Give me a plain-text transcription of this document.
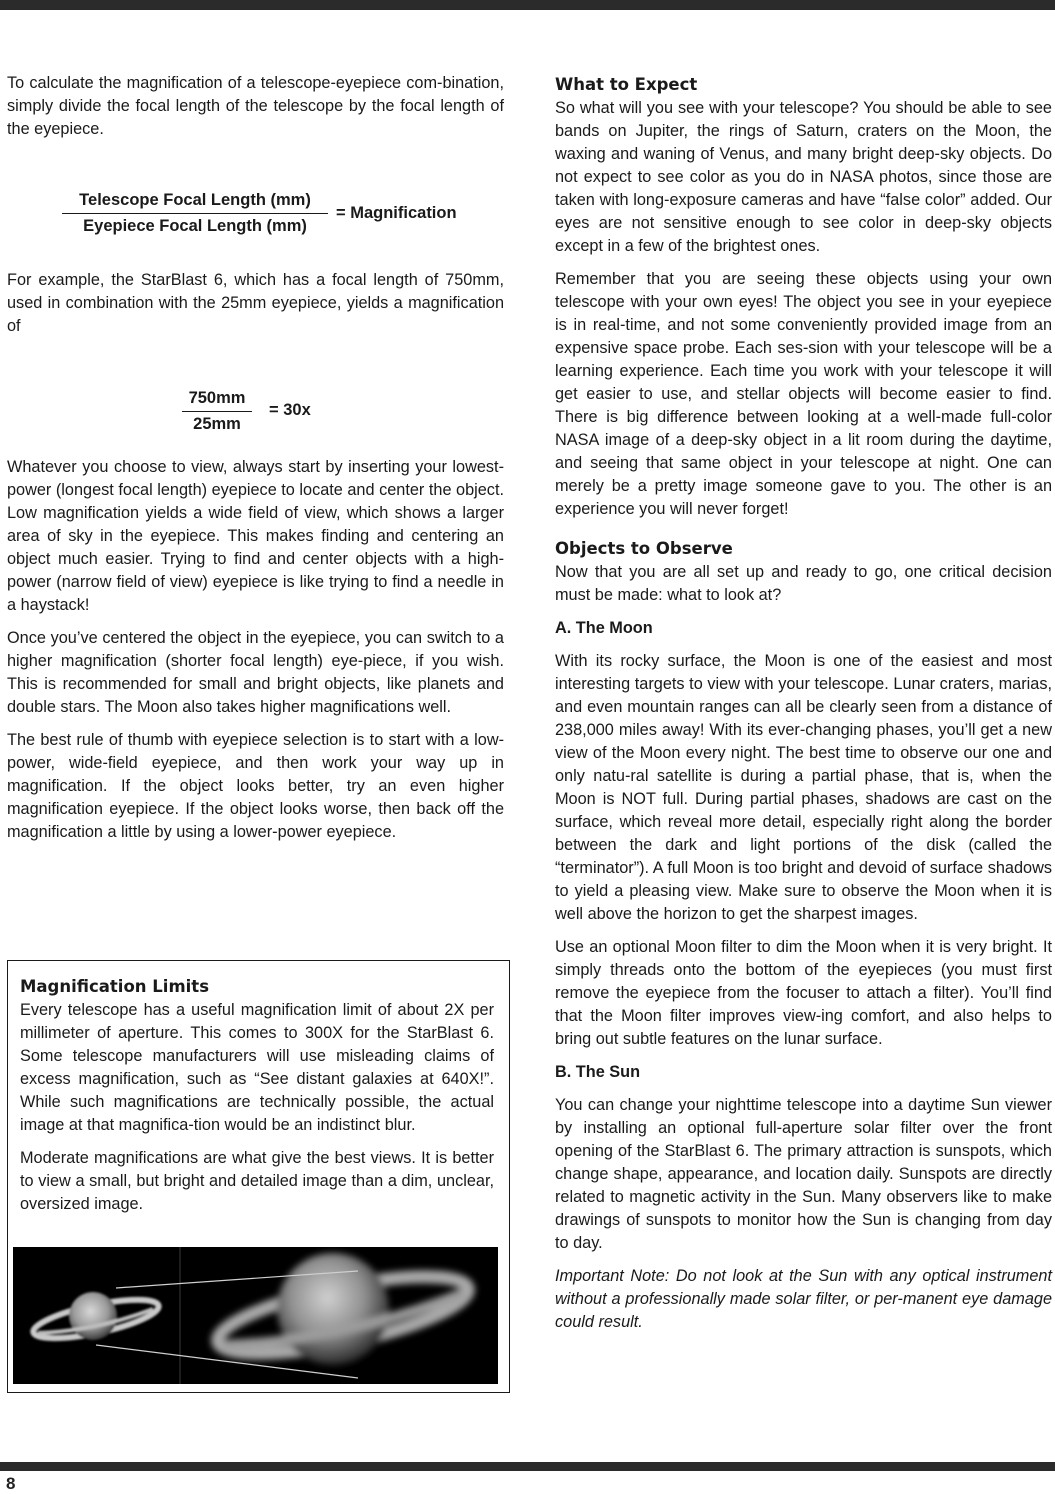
To calculate the magnification of a telescope-eyepiece com-bination, simply divide the focal length of the telescope by the focal length of the eyepiece.

Telescope Focal Length (mm)
Eyepiece Focal Length (mm)
= Magnification

For example, the StarBlast 6, which has a focal length of 750mm, used in combination with the 25mm eyepiece, yields a magnification of

$\frac{750mm}{25mm} = 30x$

Whatever you choose to view, always start by inserting your lowest-power (longest focal length) eyepiece to locate and center the object. Low magnification yields a wide field of view, which shows a larger area of sky in the eyepiece. This makes finding and centering an object much easier. Trying to find and center objects with a high-power (narrow field of view) eyepiece is like trying to find a needle in a haystack!

Once you’ve centered the object in the eyepiece, you can switch to a higher magnification (shorter focal length) eye-piece, if you wish. This is recommended for small and bright objects, like planets and double stars. The Moon also takes higher magnifications well.

The best rule of thumb with eyepiece selection is to start with a low-power, wide-field eyepiece, and then work your way up in magnification. If the object looks better, try an even higher magnification eyepiece. If the object looks worse, then back off the magnification a little by using a lower-power eyepiece.

Magnification Limits

Every telescope has a useful magnification limit of about 2X per millimeter of aperture. This comes to 300X for the StarBlast 6. Some telescope manufacturers will use misleading claims of excess magnification, such as “See distant galaxies at 640X!”. While such magnifications are technically possible, the actual image at that magnifica-tion would be an indistinct blur.

Moderate magnifications are what give the best views. It is better to view a small, but bright and detailed image than a dim, unclear, oversized image.

What to Expect

So what will you see with your telescope? You should be able to see bands on Jupiter, the rings of Saturn, craters on the Moon, the waxing and waning of Venus, and many bright deep-sky objects. Do not expect to see color as you do in NASA photos, since those are taken with long-exposure cameras and have “false color” added. Our eyes are not sensitive enough to see color in deep-sky objects except in a few of the brightest ones.

Remember that you are seeing these objects using your own telescope with your own eyes! The object you see in your eyepiece is in real-time, and not some conveniently provided image from an expensive space probe. Each ses-sion with your telescope will be a learning experience. Each time you work with your telescope it will get easier to use, and stellar objects will become easier to find. There is big difference between looking at a well-made full-color NASA image of a deep-sky object in a lit room during the daytime, and seeing that same object in your telescope at night. One can merely be a pretty image someone gave to you. The other is an experience you will never forget!

Objects to Observe

Now that you are all set up and ready to go, one critical decision must be made: what to look at?

A. The Moon

With its rocky surface, the Moon is one of the easiest and most interesting targets to view with your telescope. Lunar craters, marias, and even mountain ranges can all be clearly seen from a distance of 238,000 miles away! With its ever-changing phases, you’ll get a new view of the Moon every night. The best time to observe our one and only natu-ral satellite is during a partial phase, that is, when the Moon is NOT full. During partial phases, shadows are cast on the surface, which reveal more detail, especially right along the border between the dark and light portions of the disk (called the “terminator”). A full Moon is too bright and devoid of surface shadows to yield a pleasing view. Make sure to observe the Moon when it is well above the horizon to get the sharpest images.

Use an optional Moon filter to dim the Moon when it is very bright. It simply threads onto the bottom of the eyepieces (you must first remove the eyepiece from the focuser to attach a filter). You’ll find that the Moon filter improves view-ing comfort, and also helps to bring out subtle features on the lunar surface.

B. The Sun

You can change your nighttime telescope into a daytime Sun viewer by installing an optional full-aperture solar filter over the front opening of the StarBlast 6. The primary attraction is sunspots, which change shape, appearance, and location daily. Sunspots are directly related to magnetic activity in the Sun. Many observers like to make drawings of sunspots to monitor how the Sun is changing from day to day.

Important Note: Do not look at the Sun with any optical instrument without a professionally made solar filter, or per-manent eye damage could result.

8
